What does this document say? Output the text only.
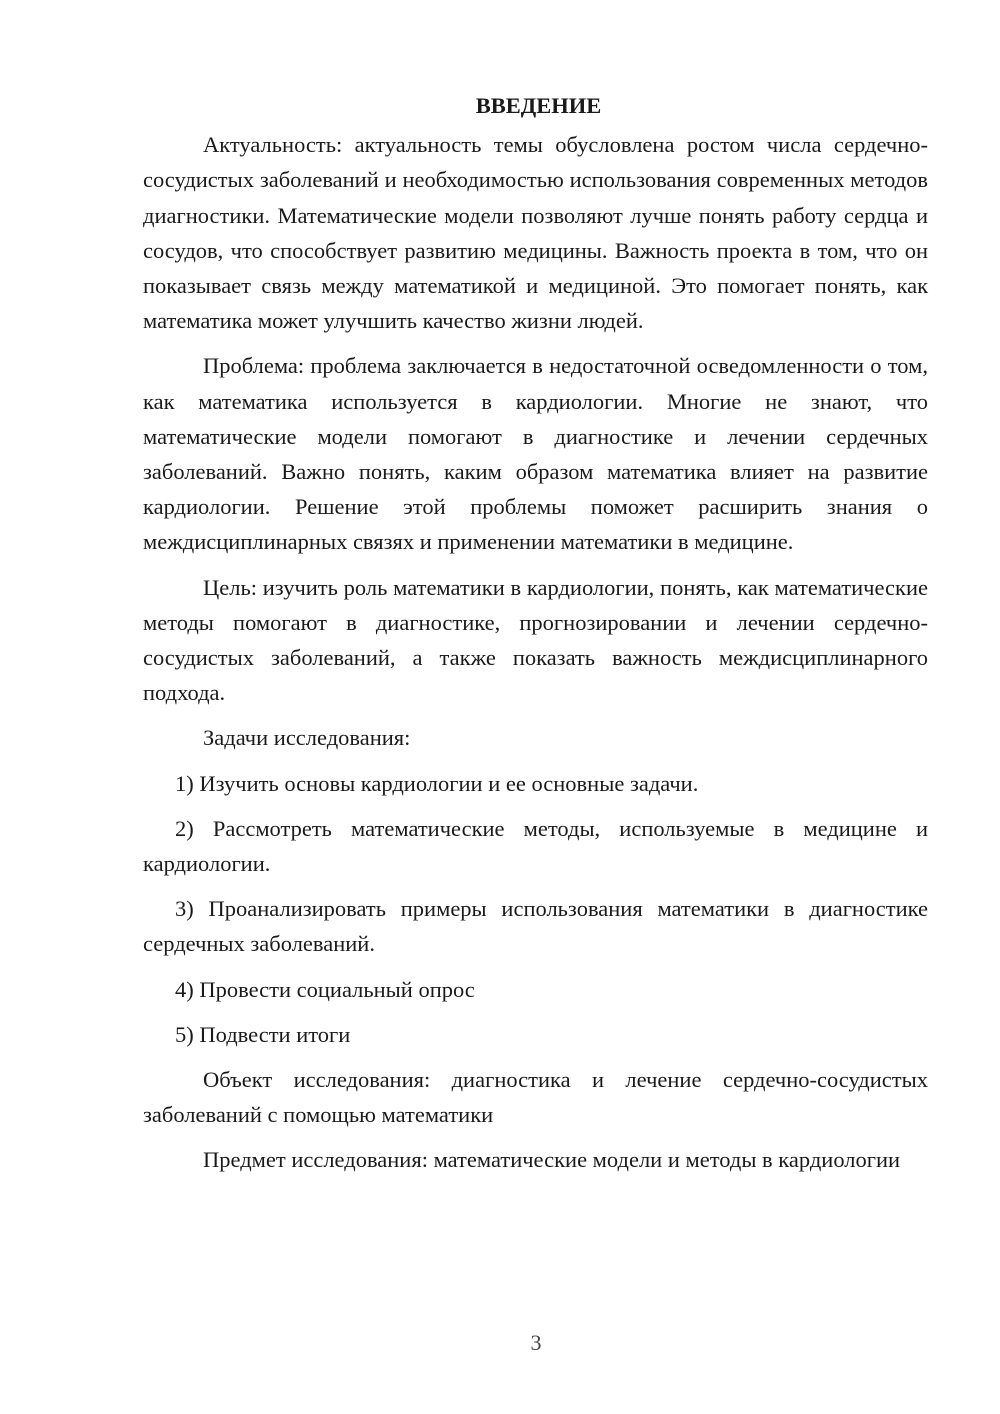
ВВЕДЕНИЕ

Актуальность: актуальность темы обусловлена ростом числа сердечно-сосудистых заболеваний и необходимостью использования современных методов диагностики. Математические модели позволяют лучше понять работу сердца и сосудов, что способствует развитию медицины. Важность проекта в том, что он показывает связь между математикой и медициной. Это помогает понять, как математика может улучшить качество жизни людей.

Проблема: проблема заключается в недостаточной осведомленности о том, как математика используется в кардиологии. Многие не знают, что математические модели помогают в диагностике и лечении сердечных заболеваний. Важно понять, каким образом математика влияет на развитие кардиологии. Решение этой проблемы поможет расширить знания о междисциплинарных связях и применении математики в медицине.

Цель: изучить роль математики в кардиологии, понять, как математические методы помогают в диагностике, прогнозировании и лечении сердечно-сосудистых заболеваний, а также показать важность междисциплинарного подхода.

Задачи исследования:

1) Изучить основы кардиологии и ее основные задачи.

2) Рассмотреть математические методы, используемые в медицине и кардиологии.

3) Проанализировать примеры использования математики в диагностике сердечных заболеваний.

4) Провести социальный опрос

5) Подвести итоги

Объект исследования: диагностика и лечение сердечно-сосудистых заболеваний с помощью математики

Предмет исследования: математические модели и методы в кардиологии

3
